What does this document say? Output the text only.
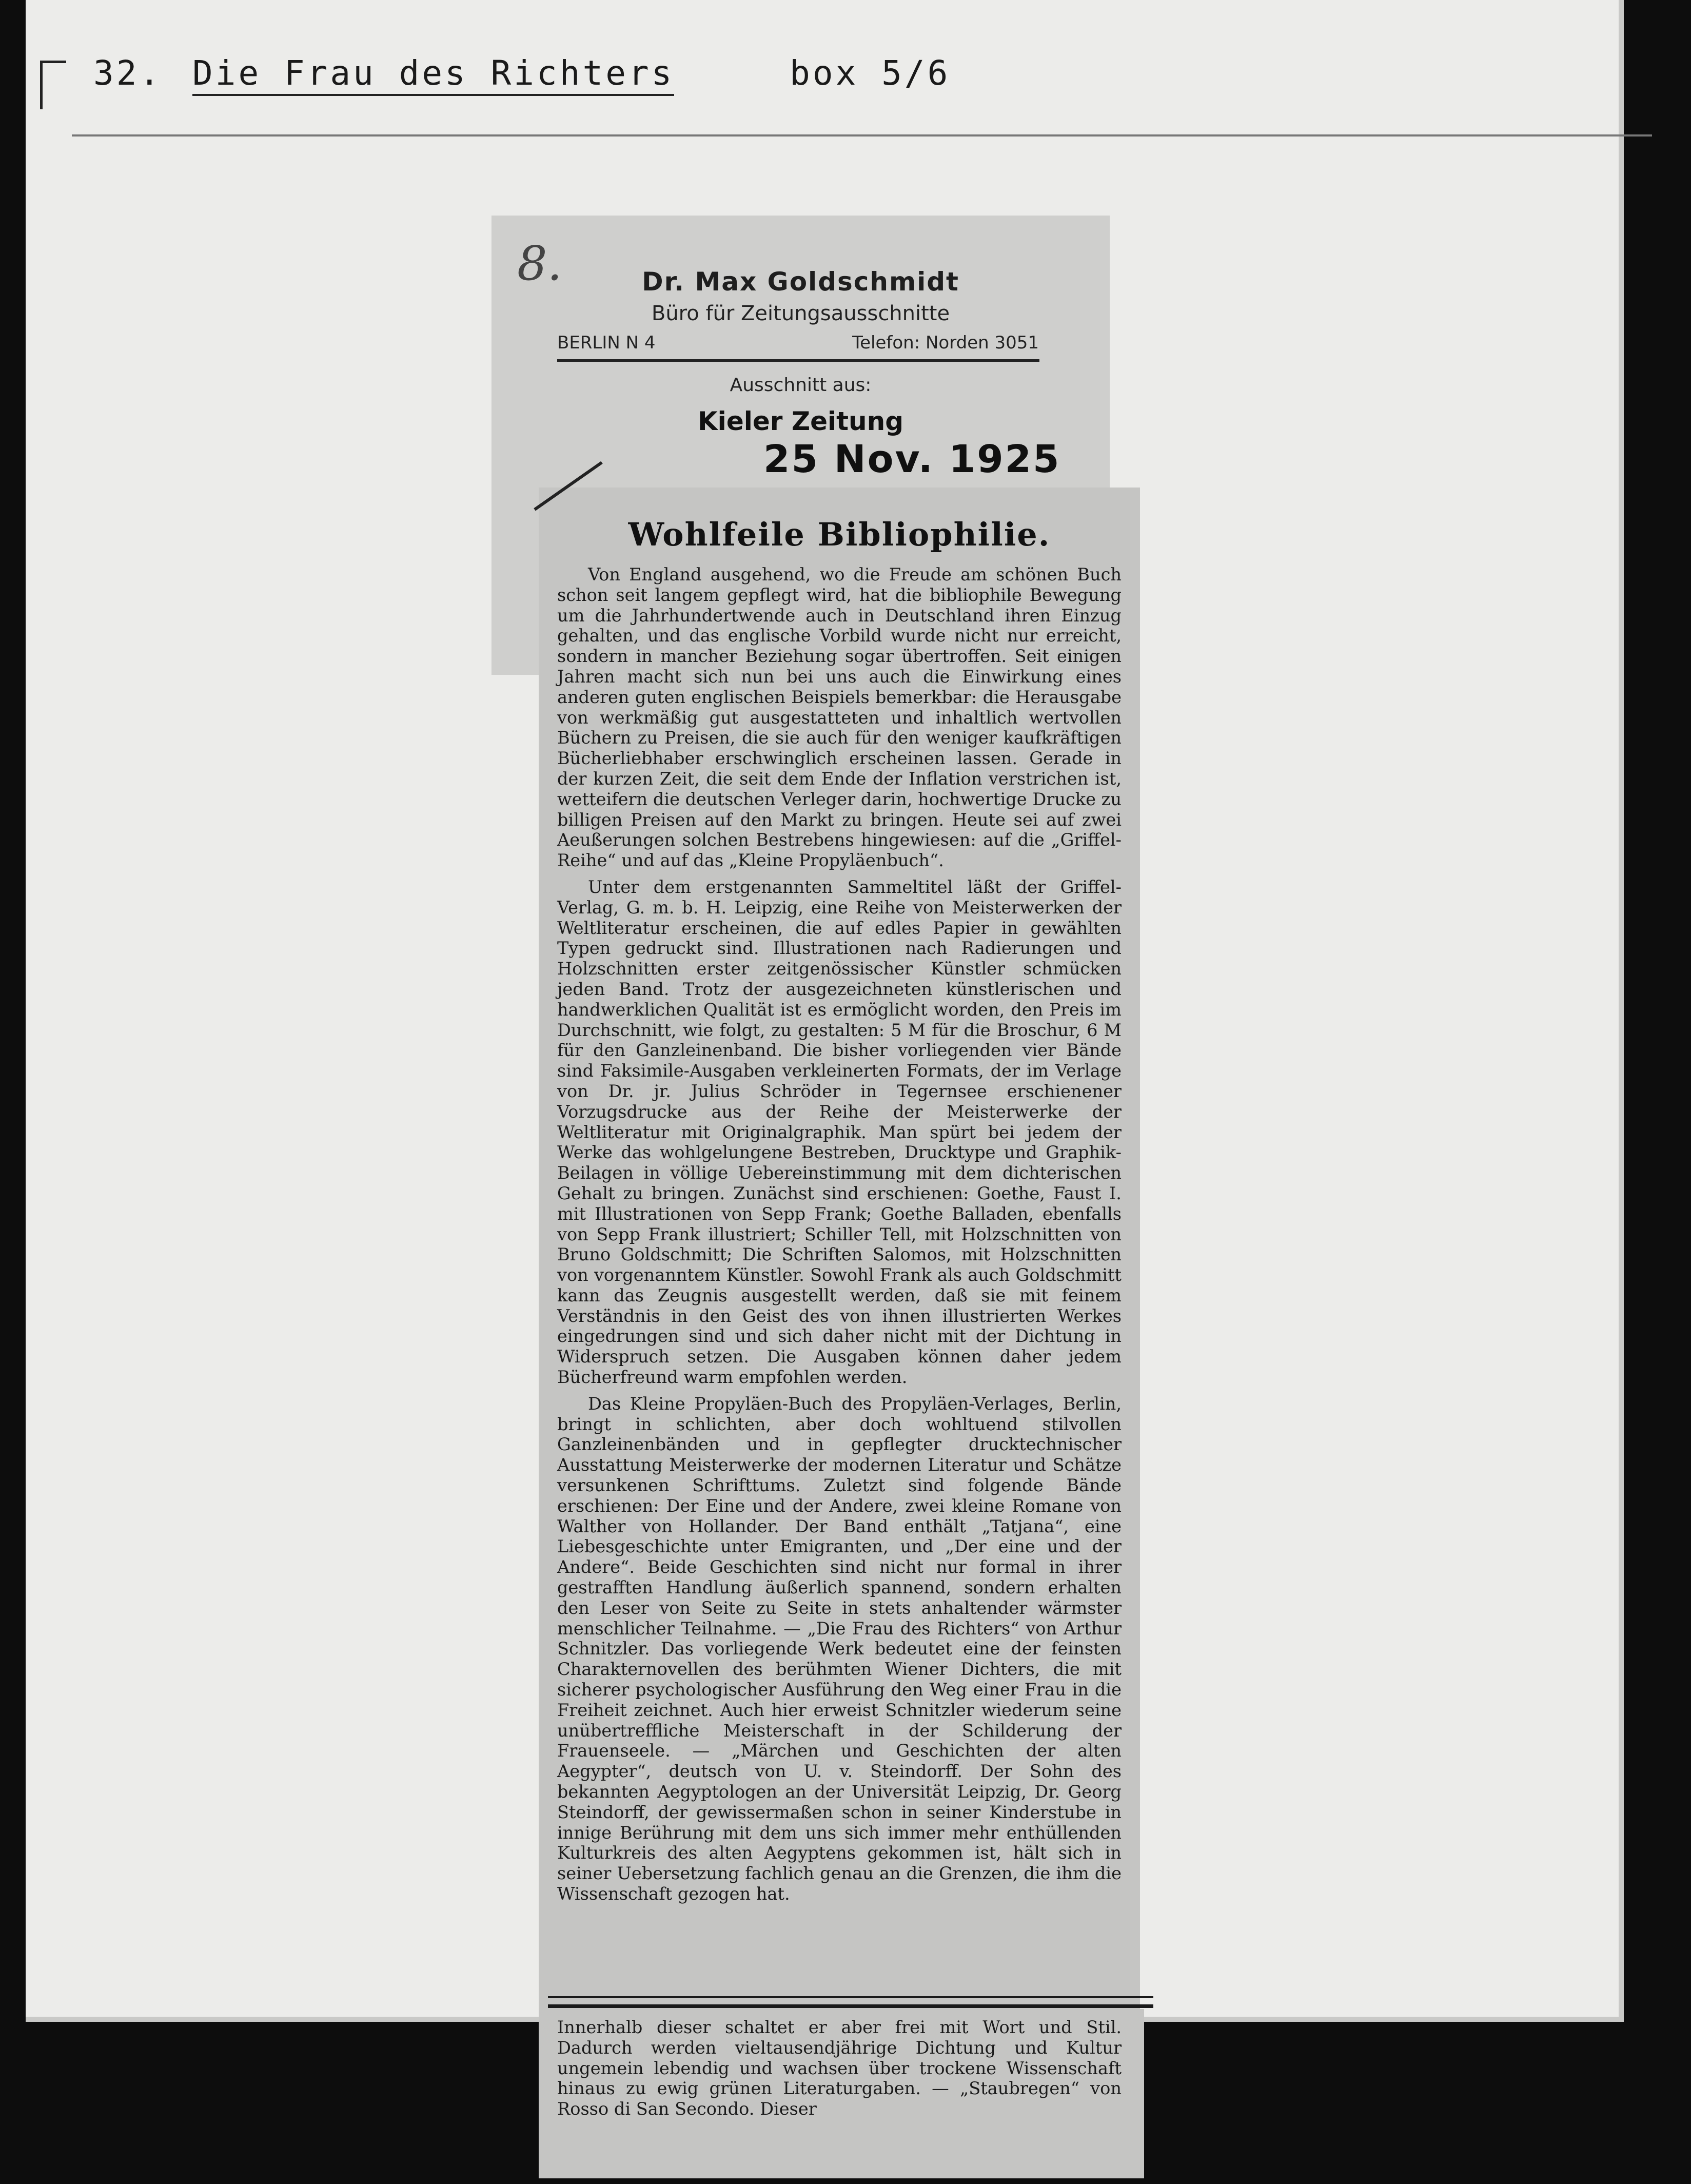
32. Die Frau des Richters	box 5/6
8.	Dr. Max Goldschmidt
Büro für Zeitungsausschnitte
BERLIN N 4	Telefon: Norden 3051
Ausschnitt aus:
Kieler Zeitung
25 Nov. 1925
Wohlfeile Bibliophilie.

Von England ausgehend, wo die Freude am schönen Buch schon seit langem gepflegt wird, hat die bibliophile Bewegung um die Jahrhundertwende auch in Deutschland ihren Einzug gehalten, und das englische Vorbild wurde nicht nur erreicht, sondern in mancher Beziehung sogar übertroffen. Seit einigen Jahren macht sich nun bei uns auch die Einwirkung eines anderen guten englischen Beispiels bemerkbar: die Herausgabe von werkmäßig gut ausgestatteten und inhaltlich wertvollen Büchern zu Preisen, die sie auch für den weniger kaufkräftigen Bücherliebhaber erschwinglich erscheinen lassen. Gerade in der kurzen Zeit, die seit dem Ende der Inflation verstrichen ist, wetteifern die deutschen Verleger darin, hochwertige Drucke zu billigen Preisen auf den Markt zu bringen. Heute sei auf zwei Aeußerungen solchen Bestrebens hingewiesen: auf die „Griffel-Reihe“ und auf das „Kleine Propyläenbuch“.

Unter dem erstgenannten Sammeltitel läßt der Griffel-Verlag, G. m. b. H. Leipzig, eine Reihe von Meisterwerken der Weltliteratur erscheinen, die auf edles Papier in gewählten Typen gedruckt sind. Illustrationen nach Radierungen und Holzschnitten erster zeitgenössischer Künstler schmücken jeden Band. Trotz der ausgezeichneten künstlerischen und handwerklichen Qualität ist es ermöglicht worden, den Preis im Durchschnitt, wie folgt, zu gestalten: 5 M für die Broschur, 6 M für den Ganzleinenband. Die bisher vorliegenden vier Bände sind Faksimile-Ausgaben verkleinerten Formats, der im Verlage von Dr. jr. Julius Schröder in Tegernsee erschienener Vorzugsdrucke aus der Reihe der Meisterwerke der Weltliteratur mit Originalgraphik. Man spürt bei jedem der Werke das wohlgelungene Bestreben, Drucktype und Graphik-Beilagen in völlige Uebereinstimmung mit dem dichterischen Gehalt zu bringen. Zunächst sind erschienen: Goethe, Faust I. mit Illustrationen von Sepp Frank; Goethe Balladen, ebenfalls von Sepp Frank illustriert; Schiller Tell, mit Holzschnitten von Bruno Goldschmitt; Die Schriften Salomos, mit Holzschnitten von vorgenanntem Künstler. Sowohl Frank als auch Goldschmitt kann das Zeugnis ausgestellt werden, daß sie mit feinem Verständnis in den Geist des von ihnen illustrierten Werkes eingedrungen sind und sich daher nicht mit der Dichtung in Widerspruch setzen. Die Ausgaben können daher jedem Bücherfreund warm empfohlen werden.

Das Kleine Propyläen-Buch des Propyläen-Verlages, Berlin, bringt in schlichten, aber doch wohltuend stilvollen Ganzleinenbänden und in gepflegter drucktechnischer Ausstattung Meisterwerke der modernen Literatur und Schätze versunkenen Schrifttums. Zuletzt sind folgende Bände erschienen: Der Eine und der Andere, zwei kleine Romane von Walther von Hollander. Der Band enthält „Tatjana“, eine Liebesgeschichte unter Emigranten, und „Der eine und der Andere“. Beide Geschichten sind nicht nur formal in ihrer gestrafften Handlung äußerlich spannend, sondern erhalten den Leser von Seite zu Seite in stets anhaltender wärmster menschlicher Teilnahme. — „Die Frau des Richters“ von Arthur Schnitzler. Das vorliegende Werk bedeutet eine der feinsten Charakternovellen des berühmten Wiener Dichters, die mit sicherer psychologischer Ausführung den Weg einer Frau in die Freiheit zeichnet. Auch hier erweist Schnitzler wiederum seine unübertreffliche Meisterschaft in der Schilderung der Frauenseele. — „Märchen und Geschichten der alten Aegypter“, deutsch von U. v. Steindorff. Der Sohn des bekannten Aegyptologen an der Universität Leipzig, Dr. Georg Steindorff, der gewissermaßen schon in seiner Kinderstube in innige Berührung mit dem uns sich immer mehr enthüllenden Kulturkreis des alten Aegyptens gekommen ist, hält sich in seiner Uebersetzung fachlich genau an die Grenzen, die ihm die Wissenschaft gezogen hat.

Innerhalb dieser schaltet er aber frei mit Wort und Stil. Dadurch werden vieltausendjährige Dichtung und Kultur ungemein lebendig und wachsen über trockene Wissenschaft hinaus zu ewig grünen Literaturgaben. — „Staubregen“ von Rosso di San Secondo. Dieser
